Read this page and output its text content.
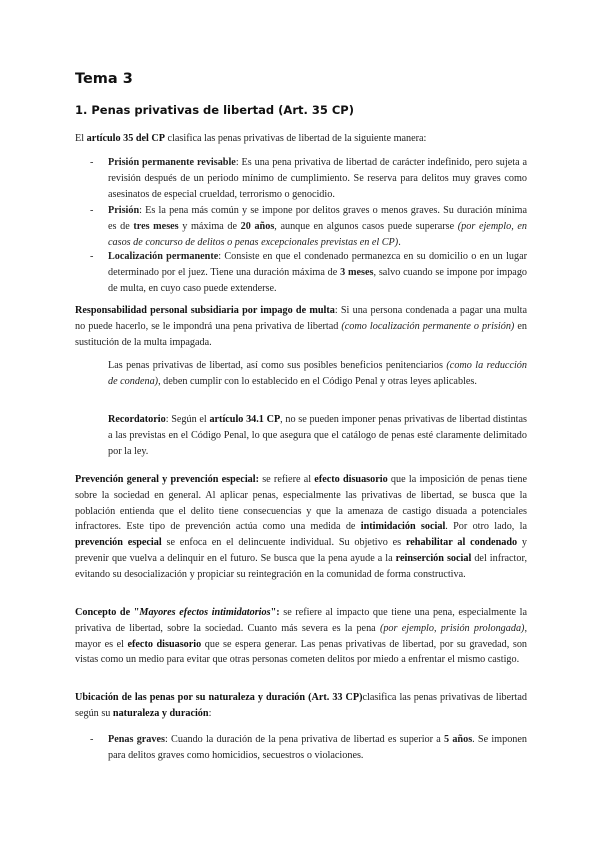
Tema 3
1. Penas privativas de libertad (Art. 35 CP)
El artículo 35 del CP clasifica las penas privativas de libertad de la siguiente manera:
- Prisión permanente revisable: Es una pena privativa de libertad de carácter indefinido, pero sujeta a revisión después de un periodo mínimo de cumplimiento. Se reserva para delitos muy graves como asesinatos de especial crueldad, terrorismo o genocidio.
- Prisión: Es la pena más común y se impone por delitos graves o menos graves. Su duración mínima es de tres meses y máxima de 20 años, aunque en algunos casos puede superarse (por ejemplo, en casos de concurso de delitos o penas excepcionales previstas en el CP).
- Localización permanente: Consiste en que el condenado permanezca en su domicilio o en un lugar determinado por el juez. Tiene una duración máxima de 3 meses, salvo cuando se impone por impago de multa, en cuyo caso puede extenderse.
Responsabilidad personal subsidiaria por impago de multa: Si una persona condenada a pagar una multa no puede hacerlo, se le impondrá una pena privativa de libertad (como localización permanente o prisión) en sustitución de la multa impagada.
Las penas privativas de libertad, así como sus posibles beneficios penitenciarios (como la reducción de condena), deben cumplir con lo establecido en el Código Penal y otras leyes aplicables.
Recordatorio: Según el artículo 34.1 CP, no se pueden imponer penas privativas de libertad distintas a las previstas en el Código Penal, lo que asegura que el catálogo de penas esté claramente delimitado por la ley.
Prevención general y prevención especial: se refiere al efecto disuasorio que la imposición de penas tiene sobre la sociedad en general. Al aplicar penas, especialmente las privativas de libertad, se busca que la población entienda que el delito tiene consecuencias y que la amenaza de castigo disuada a potenciales infractores. Este tipo de prevención actúa como una medida de intimidación social. Por otro lado, la prevención especial se enfoca en el delincuente individual. Su objetivo es rehabilitar al condenado y prevenir que vuelva a delinquir en el futuro. Se busca que la pena ayude a la reinserción social del infractor, evitando su desocialización y propiciar su reintegración en la comunidad de forma constructiva.
Concepto de "Mayores efectos intimidatorios": se refiere al impacto que tiene una pena, especialmente la privativa de libertad, sobre la sociedad. Cuanto más severa es la pena (por ejemplo, prisión prolongada), mayor es el efecto disuasorio que se espera generar. Las penas privativas de libertad, por su gravedad, son vistas como un medio para evitar que otras personas cometen delitos por miedo a enfrentar el mismo castigo.
Ubicación de las penas por su naturaleza y duración (Art. 33 CP)clasifica las penas privativas de libertad según su naturaleza y duración:
- Penas graves: Cuando la duración de la pena privativa de libertad es superior a 5 años. Se imponen para delitos graves como homicidios, secuestros o violaciones.
